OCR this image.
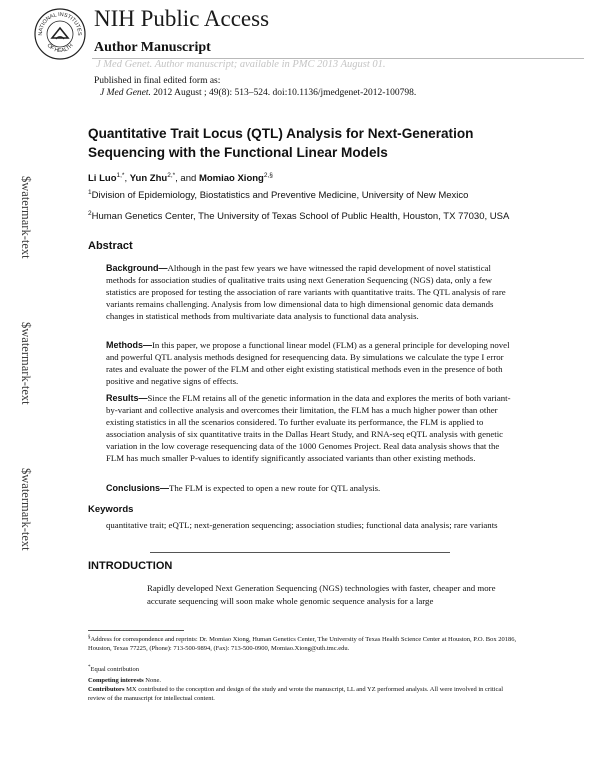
NATIONAL INSTITUTES
OF HEALTH
NIH Public Access
Author Manuscript
J Med Genet. Author manuscript; available in PMC 2013 August 01.
Published in final edited form as:
J Med Genet. 2012 August ; 49(8): 513–524. doi:10.1136/jmedgenet-2012-100798.
Quantitative Trait Locus (QTL) Analysis for Next-Generation Sequencing with the Functional Linear Models
Li Luo$^{1,*}$, Yun Zhu$^{2,*}$, and Momiao Xiong$^{2,\S}$
$^1$Division of Epidemiology, Biostatistics and Preventive Medicine, University of New Mexico
$^2$Human Genetics Center, The University of Texas School of Public Health, Houston, TX 77030, USA
Abstract
Background—Although in the past few years we have witnessed the rapid development of novel statistical methods for association studies of qualitative traits using next Generation Sequencing (NGS) data, only a few statistics are proposed for testing the association of rare variants with quantitative traits. The QTL analysis of rare variants remains challenging. Analysis from low dimensional data to high dimensional genomic data demands changes in statistical methods from multivariate data analysis to functional data analysis.
Methods—In this paper, we propose a functional linear model (FLM) as a general principle for developing novel and powerful QTL analysis methods designed for resequencing data. By simulations we calculate the type I error rates and evaluate the power of the FLM and other eight existing statistical methods even in the presence of both positive and negative signs of effects.
Results—Since the FLM retains all of the genetic information in the data and explores the merits of both variant-by-variant and collective analysis and overcomes their limitation, the FLM has a much higher power than other existing statistics in all the scenarios considered. To further evaluate its performance, the FLM is applied to association analysis of six quantitative traits in the Dallas Heart Study, and RNA-seq eQTL analysis with genetic variation in the low coverage resequencing data of the 1000 Genomes Project. Real data analysis shows that the FLM has much smaller P-values to identify significantly associated variants than other existing methods.
Conclusions—The FLM is expected to open a new route for QTL analysis.
Keywords
quantitative trait; eQTL; next-generation sequencing; association studies; functional data analysis; rare variants
INTRODUCTION
Rapidly developed Next Generation Sequencing (NGS) technologies with faster, cheaper and more accurate sequencing will soon make whole genomic sequence analysis for a large
§Address for correspondence and reprints: Dr. Momiao Xiong, Human Genetics Center, The University of Texas Health Science Center at Houston, P.O. Box 20186, Houston, Texas 77225, (Phone): 713-500-9894, (Fax): 713-500-0900, Momiao.Xiong@uth.tmc.edu.
*Equal contribution
Competing interests None.
Contributors MX contributed to the conception and design of the study and wrote the manuscript, LL and YZ performed analysis. All were involved in critical review of the manuscript for intellectual content.
$watermark-text
$watermark-text
$watermark-text
